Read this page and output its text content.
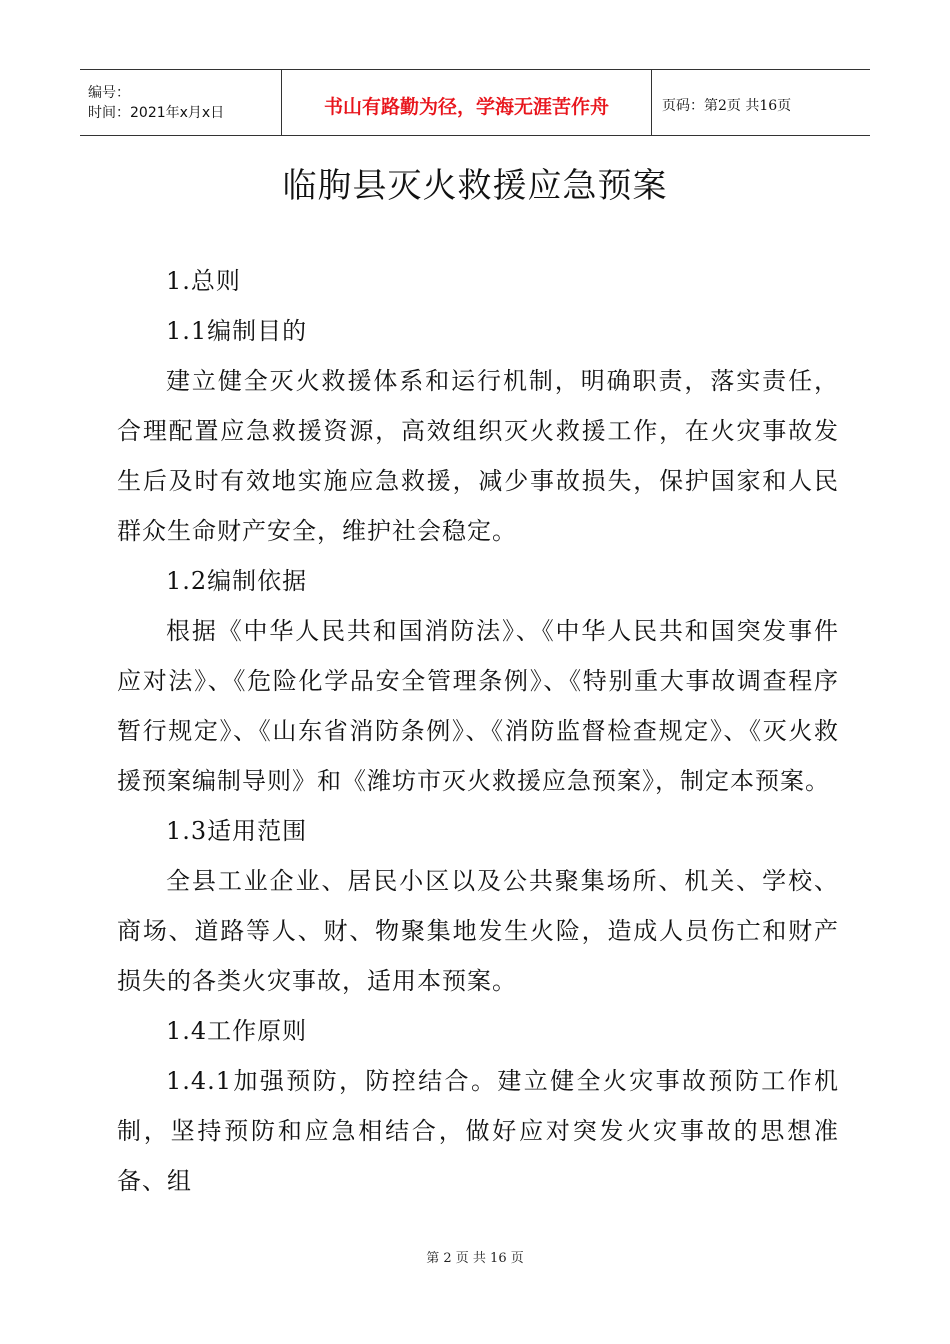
编号：
时间：2021年x月x日	书山有路勤为径，学海无涯苦作舟	页码：第2页 共16页
临朐县灭火救援应急预案

1.总则

1.1编制目的

建立健全灭火救援体系和运行机制，明确职责，落实责任，合理配置应急救援资源，高效组织灭火救援工作，在火灾事故发生后及时有效地实施应急救援，减少事故损失，保护国家和人民群众生命财产安全，维护社会稳定。

1.2编制依据

根据《中华人民共和国消防法》、《中华人民共和国突发事件应对法》、《危险化学品安全管理条例》、《特别重大事故调查程序暂行规定》、《山东省消防条例》、《消防监督检查规定》、《灭火救援预案编制导则》和《潍坊市灭火救援应急预案》，制定本预案。

1.3适用范围

全县工业企业、居民小区以及公共聚集场所、机关、学校、商场、道路等人、财、物聚集地发生火险，造成人员伤亡和财产损失的各类火灾事故，适用本预案。

1.4工作原则

1.4.1加强预防，防控结合。建立健全火灾事故预防工作机制，坚持预防和应急相结合，做好应对突发火灾事故的思想准备、组

第 2 页 共 16 页
